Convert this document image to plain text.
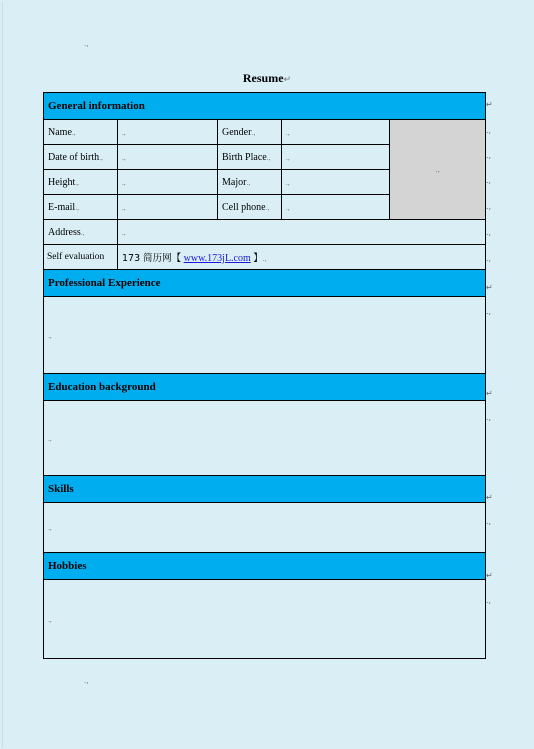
.,
Resume↵
General information				
Name.,	.,	Gender.,	.,	.,
Date of birth.,	.,	Birth Place.,	.,	
Height.,	.,	Major.,	.,	
E-mail.,	.,	Cell phone.,	.,	
Address.,	.,			
Self evaluation	173 简历网【 www.173jL.com 】.,			
Professional Experience				
.,				
Education background				
.,				
Skills				
.,				
Hobbies				
.,				
↵
.,
.,
.,
.,
.,
.,
↵
.,
↵
.,
↵
.,
↵
.,
.,
